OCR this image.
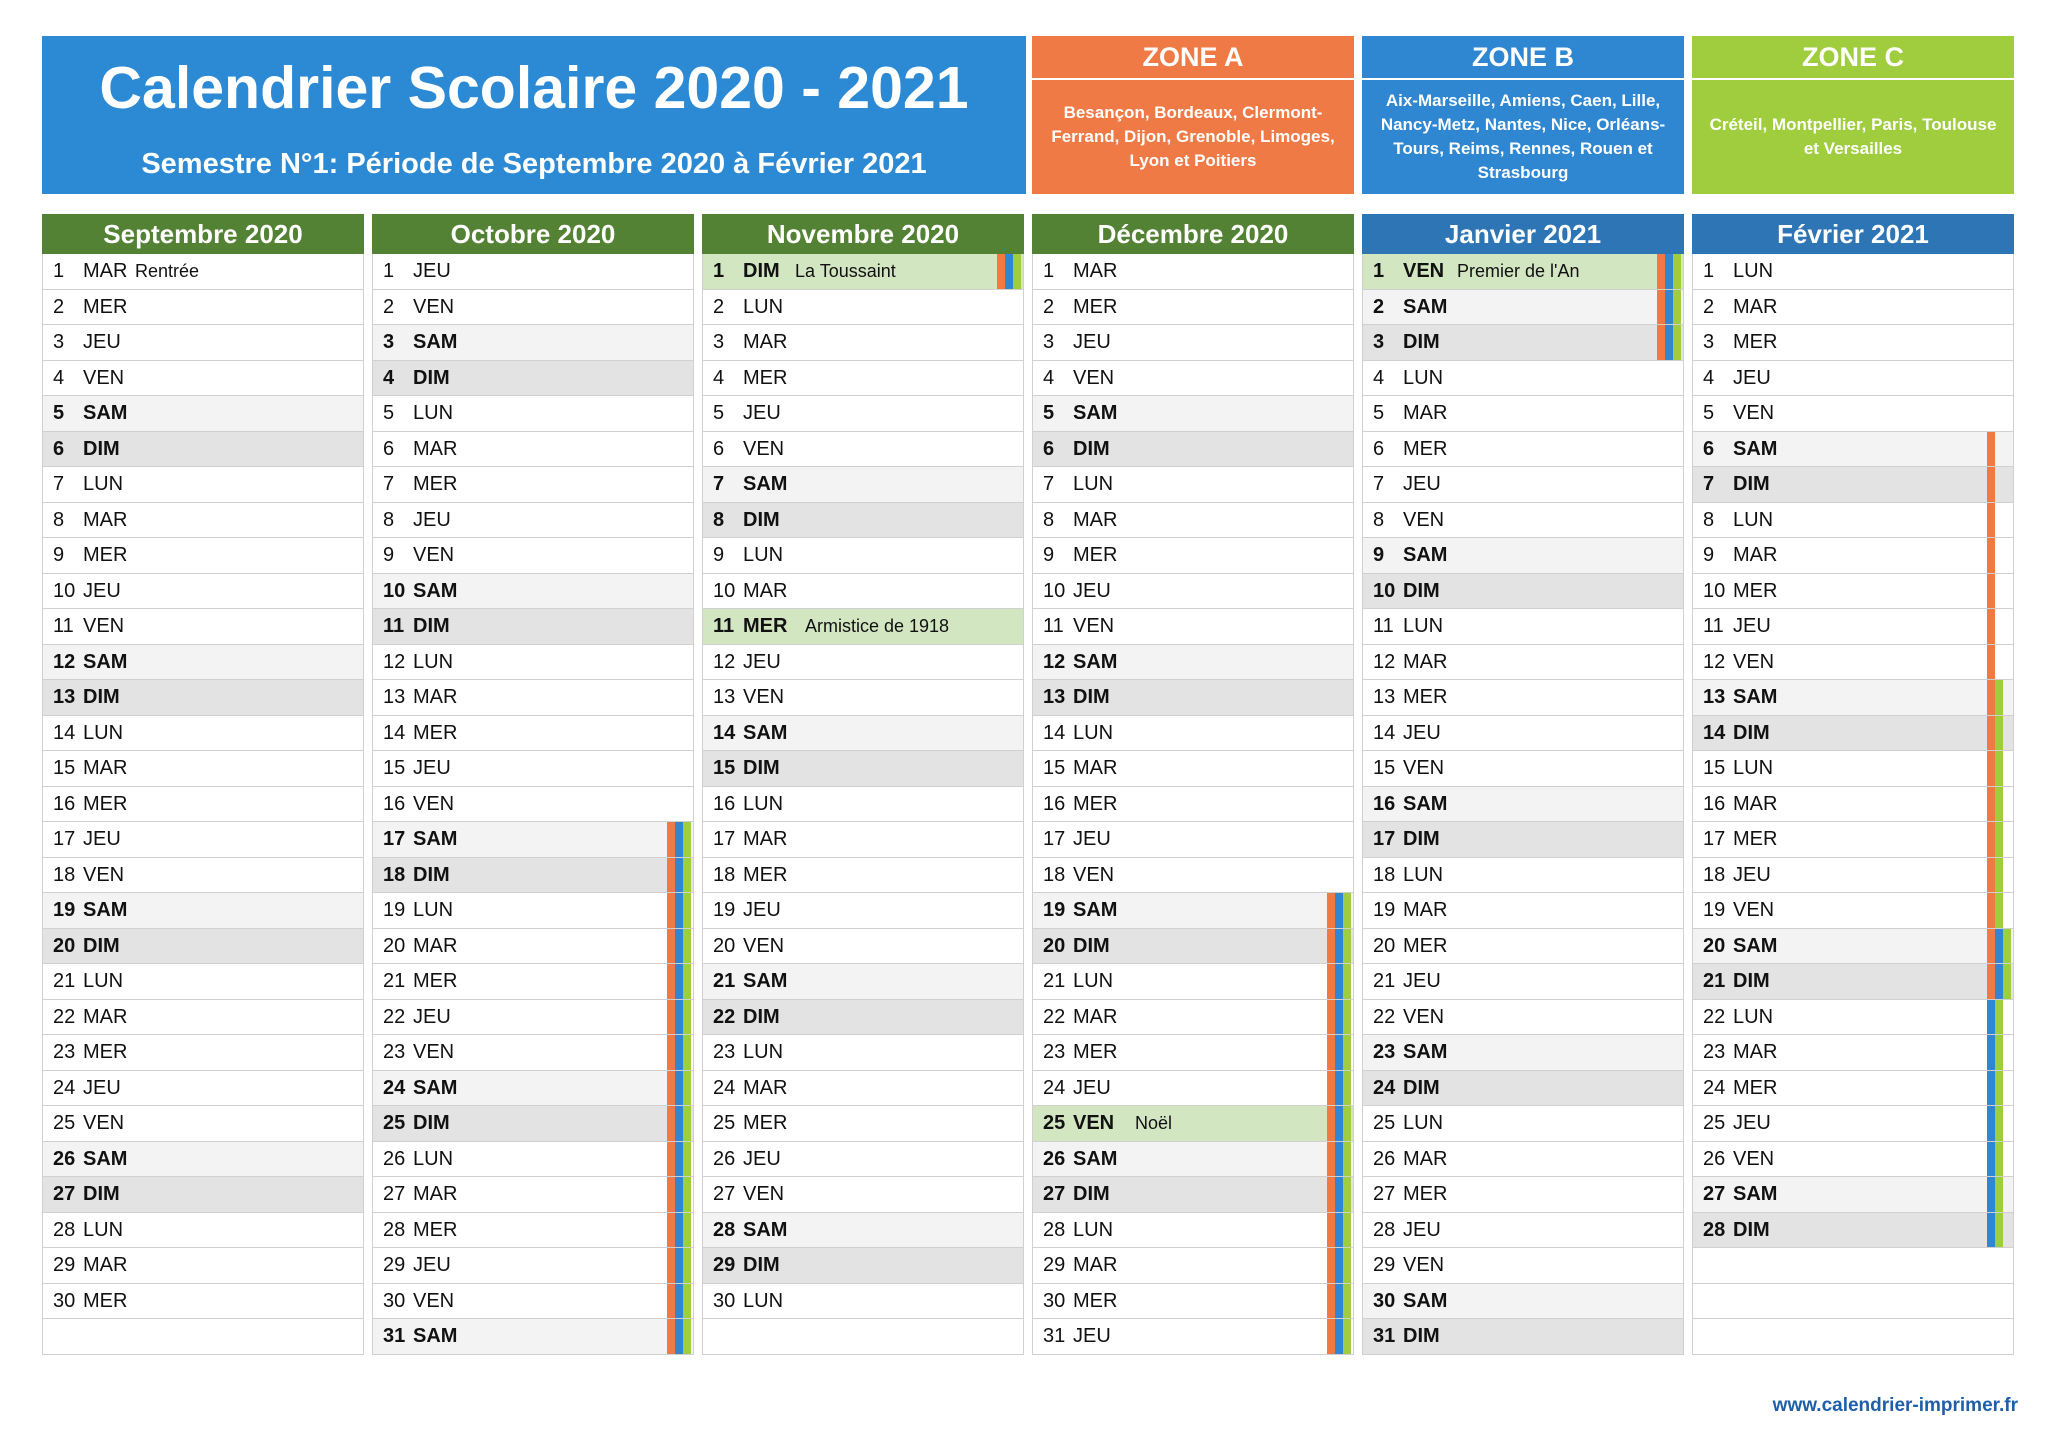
Calendrier Scolaire 2020 - 2021
Semestre N°1: Période de Septembre 2020 à Février 2021
ZONE A
Besançon, Bordeaux, Clermont-Ferrand, Dijon, Grenoble, Limoges, Lyon et Poitiers
ZONE B
Aix-Marseille, Amiens, Caen, Lille, Nancy-Metz, Nantes, Nice, Orléans-Tours, Reims, Rennes, Rouen et Strasbourg
ZONE C
Créteil, Montpellier, Paris, Toulouse et Versailles
Septembre 2020
1 MAR Rentrée
2 MER
3 JEU
4 VEN
5 SAM
6 DIM
7 LUN
8 MAR
9 MER
10 JEU
11 VEN
12 SAM
13 DIM
14 LUN
15 MAR
16 MER
17 JEU
18 VEN
19 SAM
20 DIM
21 LUN
22 MAR
23 MER
24 JEU
25 VEN
26 SAM
27 DIM
28 LUN
29 MAR
30 MER
Octobre 2020
1 JEU
2 VEN
3 SAM
4 DIM
5 LUN
6 MAR
7 MER
8 JEU
9 VEN
10 SAM
11 DIM
12 LUN
13 MAR
14 MER
15 JEU
16 VEN
17 SAM
18 DIM
19 LUN
20 MAR
21 MER
22 JEU
23 VEN
24 SAM
25 DIM
26 LUN
27 MAR
28 MER
29 JEU
30 VEN
31 SAM
Novembre 2020
1 DIM La Toussaint
2 LUN
3 MAR
4 MER
5 JEU
6 VEN
7 SAM
8 DIM
9 LUN
10 MAR
11 MER Armistice de 1918
12 JEU
13 VEN
14 SAM
15 DIM
16 LUN
17 MAR
18 MER
19 JEU
20 VEN
21 SAM
22 DIM
23 LUN
24 MAR
25 MER
26 JEU
27 VEN
28 SAM
29 DIM
30 LUN
Décembre 2020
1 MAR
2 MER
3 JEU
4 VEN
5 SAM
6 DIM
7 LUN
8 MAR
9 MER
10 JEU
11 VEN
12 SAM
13 DIM
14 LUN
15 MAR
16 MER
17 JEU
18 VEN
19 SAM
20 DIM
21 LUN
22 MAR
23 MER
24 JEU
25 VEN Noël
26 SAM
27 DIM
28 LUN
29 MAR
30 MER
31 JEU
Janvier 2021
1 VEN Premier de l'An
2 SAM
3 DIM
4 LUN
5 MAR
6 MER
7 JEU
8 VEN
9 SAM
10 DIM
11 LUN
12 MAR
13 MER
14 JEU
15 VEN
16 SAM
17 DIM
18 LUN
19 MAR
20 MER
21 JEU
22 VEN
23 SAM
24 DIM
25 LUN
26 MAR
27 MER
28 JEU
29 VEN
30 SAM
31 DIM
Février 2021
1 LUN
2 MAR
3 MER
4 JEU
5 VEN
6 SAM
7 DIM
8 LUN
9 MAR
10 MER
11 JEU
12 VEN
13 SAM
14 DIM
15 LUN
16 MAR
17 MER
18 JEU
19 VEN
20 SAM
21 DIM
22 LUN
23 MAR
24 MER
25 JEU
26 VEN
27 SAM
28 DIM
www.calendrier-imprimer.fr
